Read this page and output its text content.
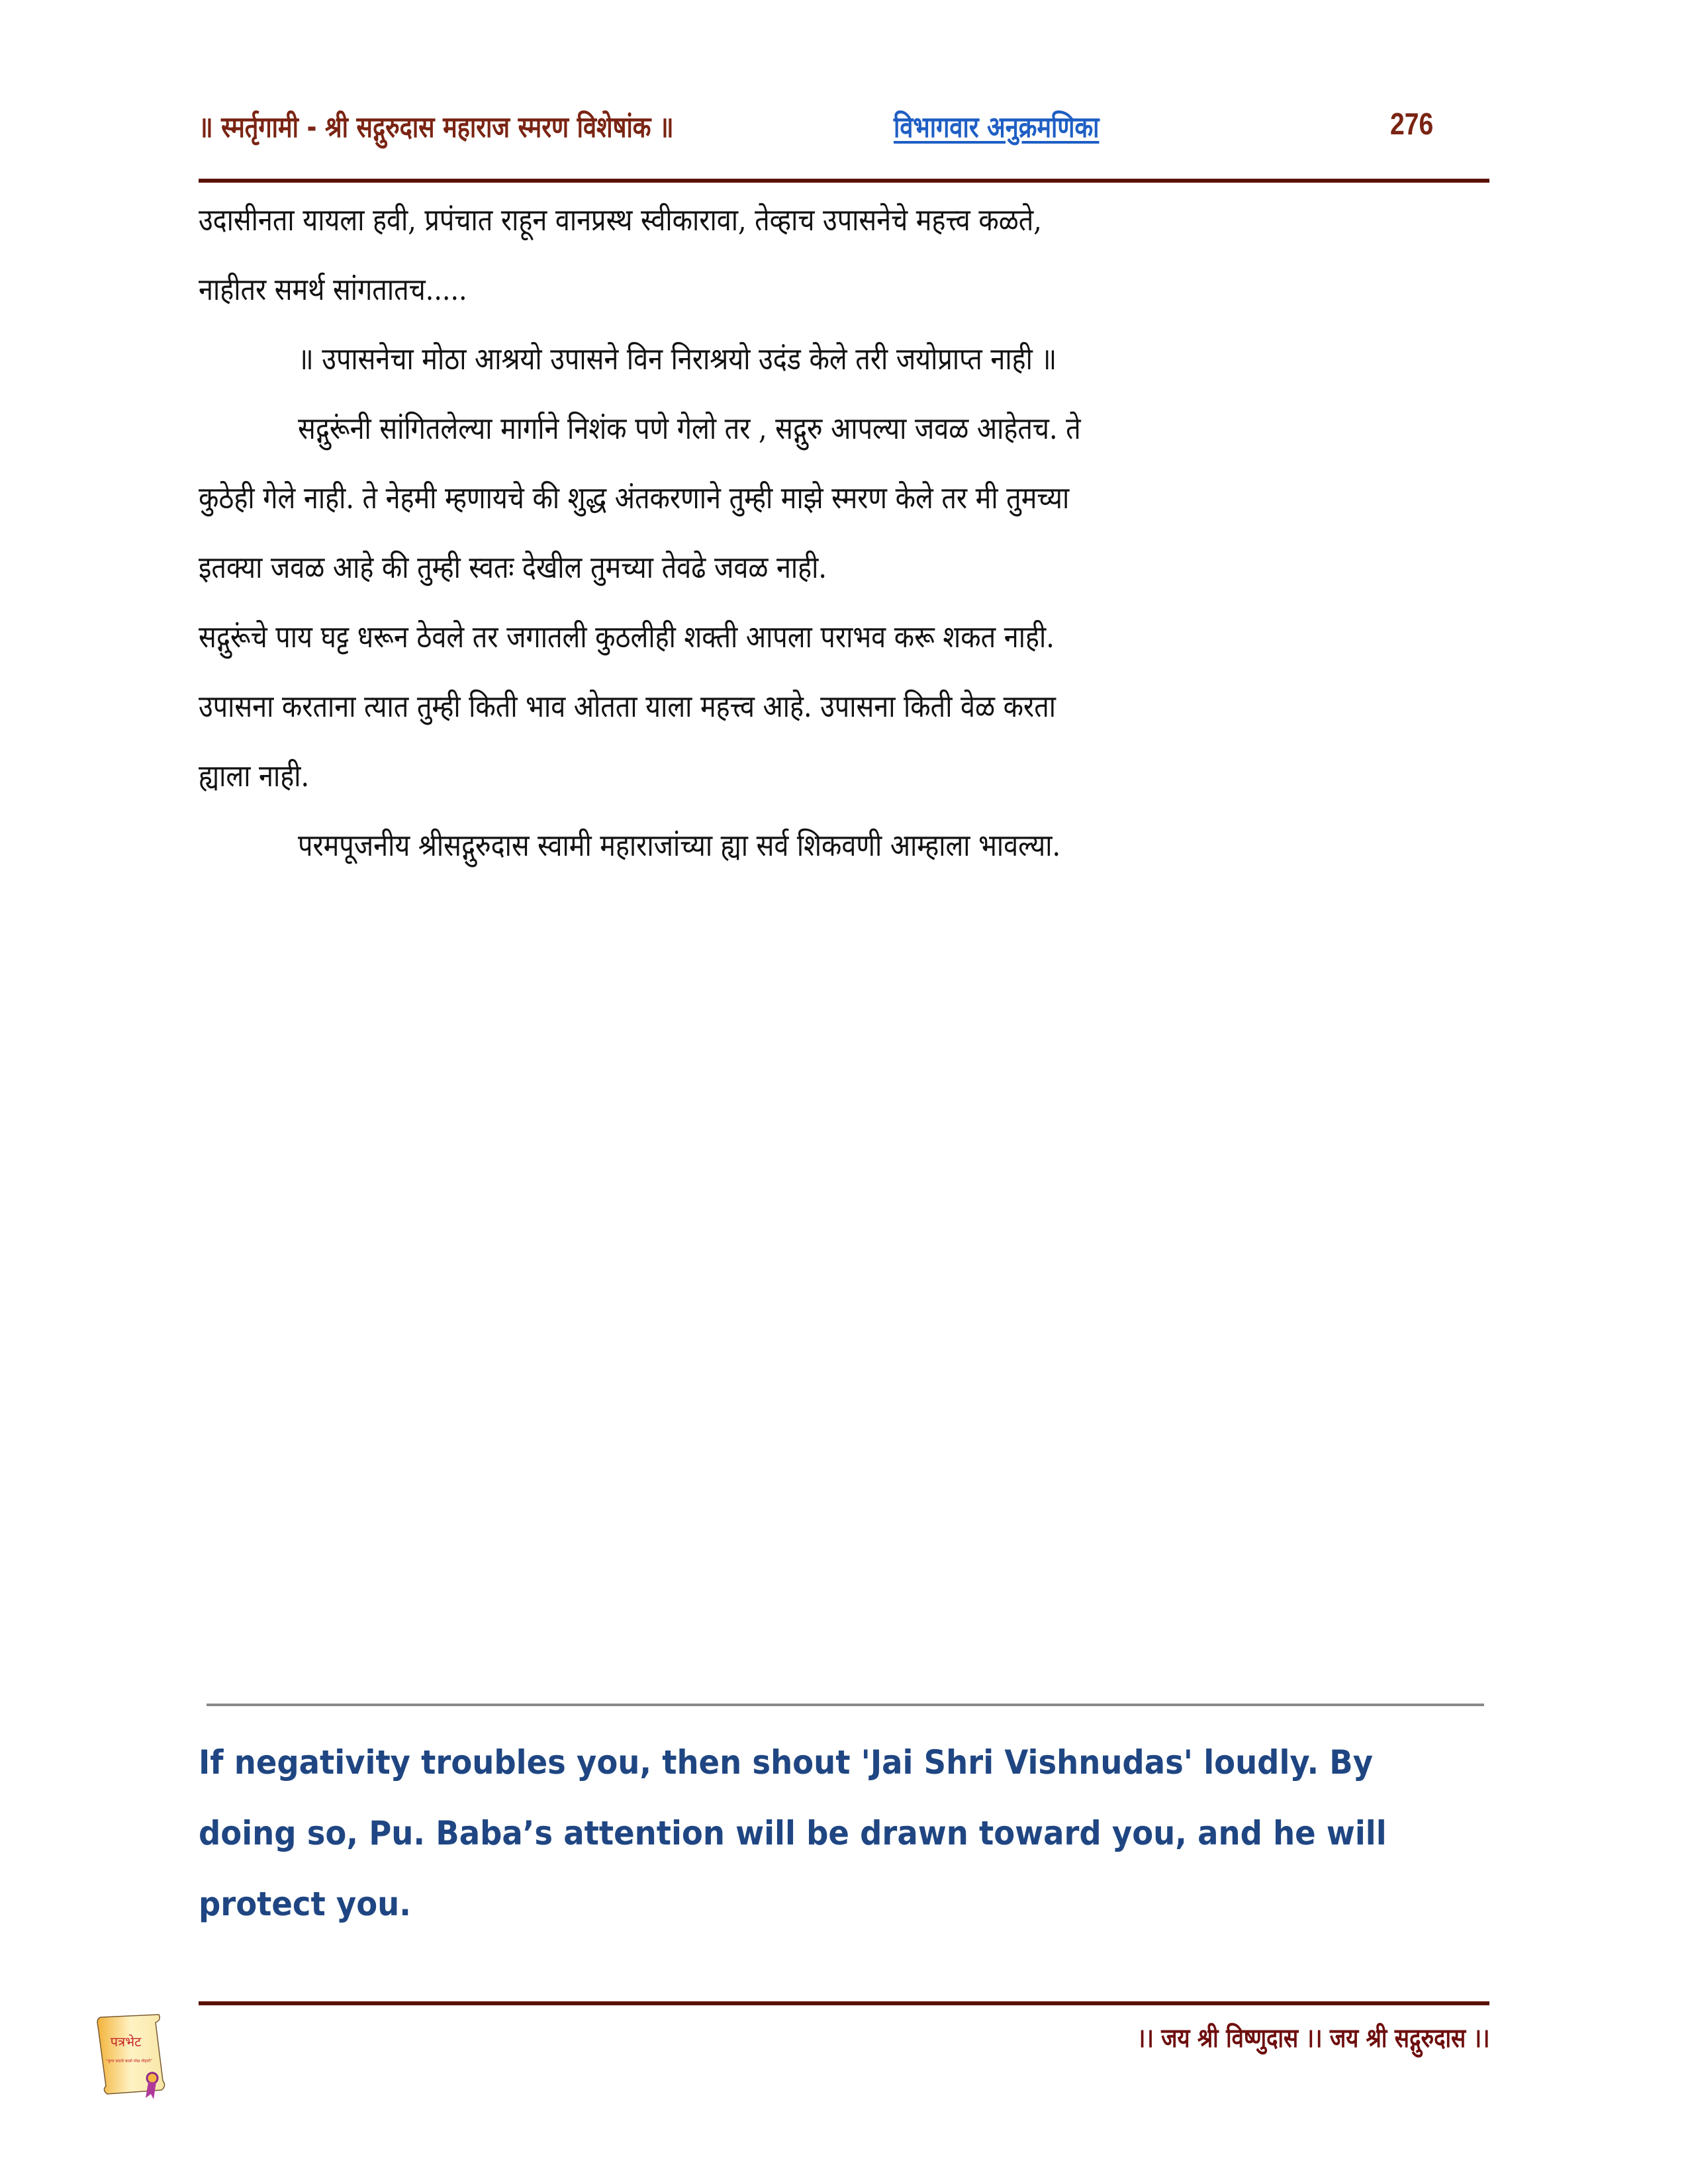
॥ स्मर्तृगामी - श्री सद्गुरुदास महाराज स्मरण विशेषांक ॥	विभागवार अनुक्रमणिका	276
उदासीनता यायला हवी, प्रपंचात राहून वानप्रस्थ स्वीकारावा, तेव्हाच उपासनेचे महत्त्व कळते,
नाहीतर समर्थ सांगतातच.....
॥ उपासनेचा मोठा आश्रयो उपासने विन निराश्रयो उदंड केले तरी जयोप्राप्त नाही ॥
सद्गुरूंनी सांगितलेल्या मार्गाने निशंक पणे गेलो तर , सद्गुरु आपल्या जवळ आहेतच. ते
कुठेही गेले नाही. ते नेहमी म्हणायचे की शुद्ध अंतकरणाने तुम्ही माझे स्मरण केले तर मी तुमच्या
इतक्या जवळ आहे की तुम्ही स्वतः देखील तुमच्या तेवढे जवळ नाही.
सद्गुरूंचे पाय घट्ट धरून ठेवले तर जगातली कुठलीही शक्ती आपला पराभव करू शकत नाही.
उपासना करताना त्यात तुम्ही किती भाव ओतता याला महत्त्व आहे. उपासना किती वेळ करता
ह्याला नाही.
परमपूजनीय श्रीसद्गुरुदास स्वामी महाराजांच्या ह्या सर्व शिकवणी आम्हाला भावल्या.
If negativity troubles you, then shout 'Jai Shri Vishnudas' loudly. By doing so, Pu. Baba’s attention will be drawn toward you, and he will protect you.
पत्रभेट
“कृपा सदाचे बाळो मोक्ष मोहारो”
।। जय श्री विष्णुदास ।। जय श्री सद्गुरुदास ।।
